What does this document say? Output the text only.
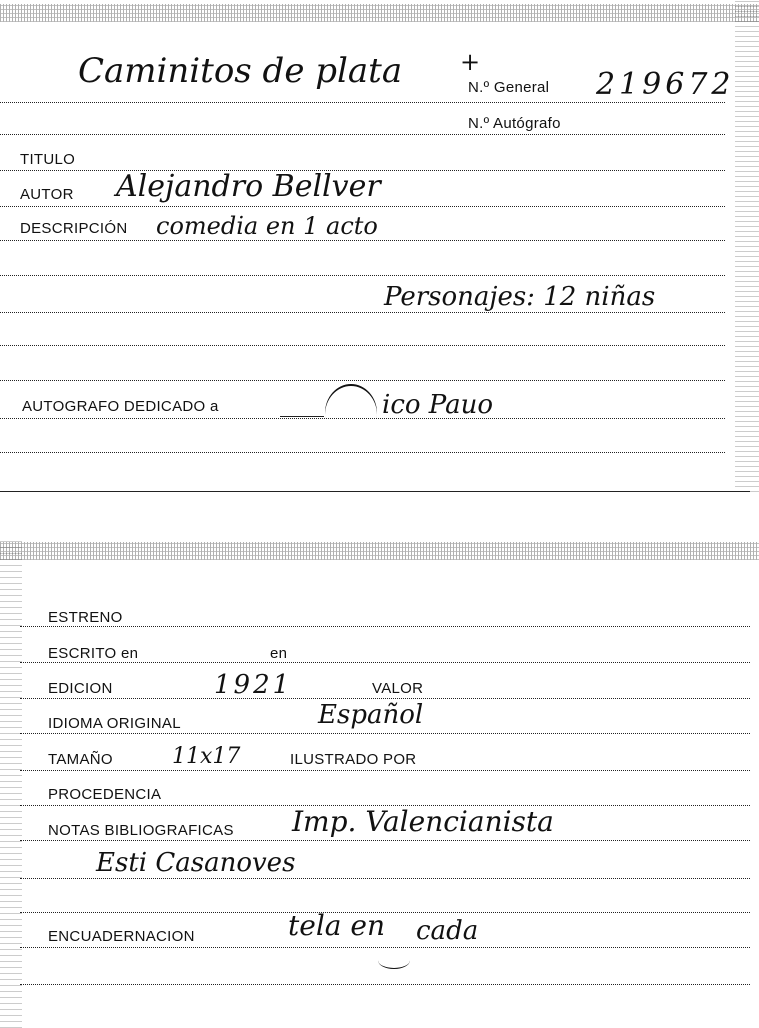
Caminitos de plata +
N.º General 219672
N.º Autógrafo
TITULO
AUTOR Alejandro Bellver
DESCRIPCIÓN comedia en 1 acto
Personajes: 12 niñas
AUTOGRAFO DEDICADO a	ico Pauo
ESTRENO
ESCRITO en	en
EDICION	1921	VALOR
IDIOMA ORIGINAL	Español
TAMAÑO	11x17	ILUSTRADO POR
PROCEDENCIA
NOTAS BIBLIOGRAFICAS Imp. Valencianista
Esti Casanoves
ENCUADERNACION	tela en cada
